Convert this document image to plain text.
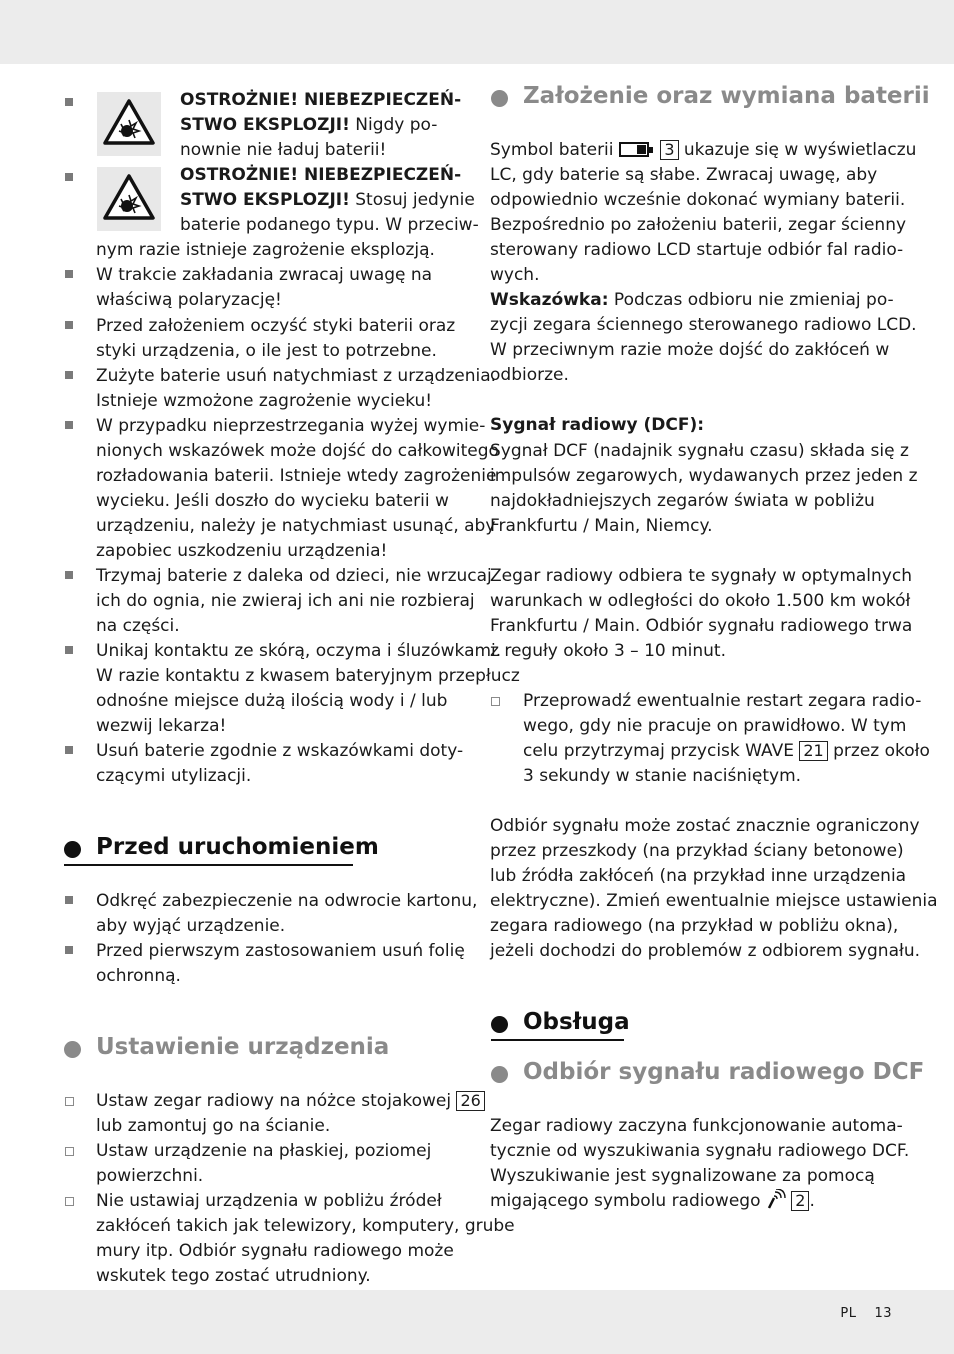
OSTROŻNIE! NIEBEZPIECZEŃ-
STWO EKSPLOZJI! Nigdy po-
nownie nie ładuj baterii!
OSTROŻNIE! NIEBEZPIECZEŃ-
STWO EKSPLOZJI! Stosuj jedynie
baterie podanego typu. W przeciw-
nym razie istnieje zagrożenie eksplozją.
W trakcie zakładania zwracaj uwagę na
właściwą polaryzację!
Przed założeniem oczyść styki baterii oraz
styki urządzenia, o ile jest to potrzebne.
Zużyte baterie usuń natychmiast z urządzenia.
Istnieje wzmożone zagrożenie wycieku!
W przypadku nieprzestrzegania wyżej wymie-
nionych wskazówek może dojść do całkowitego
rozładowania baterii. Istnieje wtedy zagrożenie
wycieku. Jeśli doszło do wycieku baterii w
urządzeniu, należy je natychmiast usunąć, aby
zapobiec uszkodzeniu urządzenia!
Trzymaj baterie z daleka od dzieci, nie wrzucaj
ich do ognia, nie zwieraj ich ani nie rozbieraj
na części.
Unikaj kontaktu ze skórą, oczyma i śluzówkami.
W razie kontaktu z kwasem bateryjnym przepłucz
odnośne miejsce dużą ilością wody i / lub
wezwij lekarza!
Usuń baterie zgodnie z wskazówkami doty-
czącymi utylizacji.
Przed uruchomieniem
Odkręć zabezpieczenie na odwrocie kartonu,
aby wyjąć urządzenie.
Przed pierwszym zastosowaniem usuń folię
ochronną.
Ustawienie urządzenia
Ustaw zegar radiowy na nóżce stojakowej 26
lub zamontuj go na ścianie.
Ustaw urządzenie na płaskiej, poziomej
powierzchni.
Nie ustawiaj urządzenia w pobliżu źródeł
zakłóceń takich jak telewizory, komputery, grube
mury itp. Odbiór sygnału radiowego może
wskutek tego zostać utrudniony.
Założenie oraz wymiana baterii
Symbol baterii	3 ukazuje się w wyświetlaczu
LC, gdy baterie są słabe. Zwracaj uwagę, aby
odpowiednio wcześnie dokonać wymiany baterii.
Bezpośrednio po założeniu baterii, zegar ścienny
sterowany radiowo LCD startuje odbiór fal radio-
wych.
Wskazówka: Podczas odbioru nie zmieniaj po-
zycji zegara ściennego sterowanego radiowo LCD.
W przeciwnym razie może dojść do zakłóceń w
odbiorze.
Sygnał radiowy (DCF):
Sygnał DCF (nadajnik sygnału czasu) składa się z
impulsów zegarowych, wydawanych przez jeden z
najdokładniejszych zegarów świata w pobliżu
Frankfurtu / Main, Niemcy.
Zegar radiowy odbiera te sygnały w optymalnych
warunkach w odległości do około 1.500 km wokół
Frankfurtu / Main. Odbiór sygnału radiowego trwa
z reguły około 3 – 10 minut.
Przeprowadź ewentualnie restart zegara radio-
wego, gdy nie pracuje on prawidłowo. W tym
celu przytrzymaj przycisk WAVE 21 przez około
3 sekundy w stanie naciśniętym.
Odbiór sygnału może zostać znacznie ograniczony
przez przeszkody (na przykład ściany betonowe)
lub źródła zakłóceń (na przykład inne urządzenia
elektryczne). Zmień ewentualnie miejsce ustawienia
zegara radiowego (na przykład w pobliżu okna),
jeżeli dochodzi do problemów z odbiorem sygnału.
Obsługa
Odbiór sygnału radiowego DCF
Zegar radiowy zaczyna funkcjonowanie automa-
tycznie od wyszukiwania sygnału radiowego DCF.
Wyszukiwanie jest sygnalizowane za pomocą
migającego symbolu radiowego 2 .
PL 13
